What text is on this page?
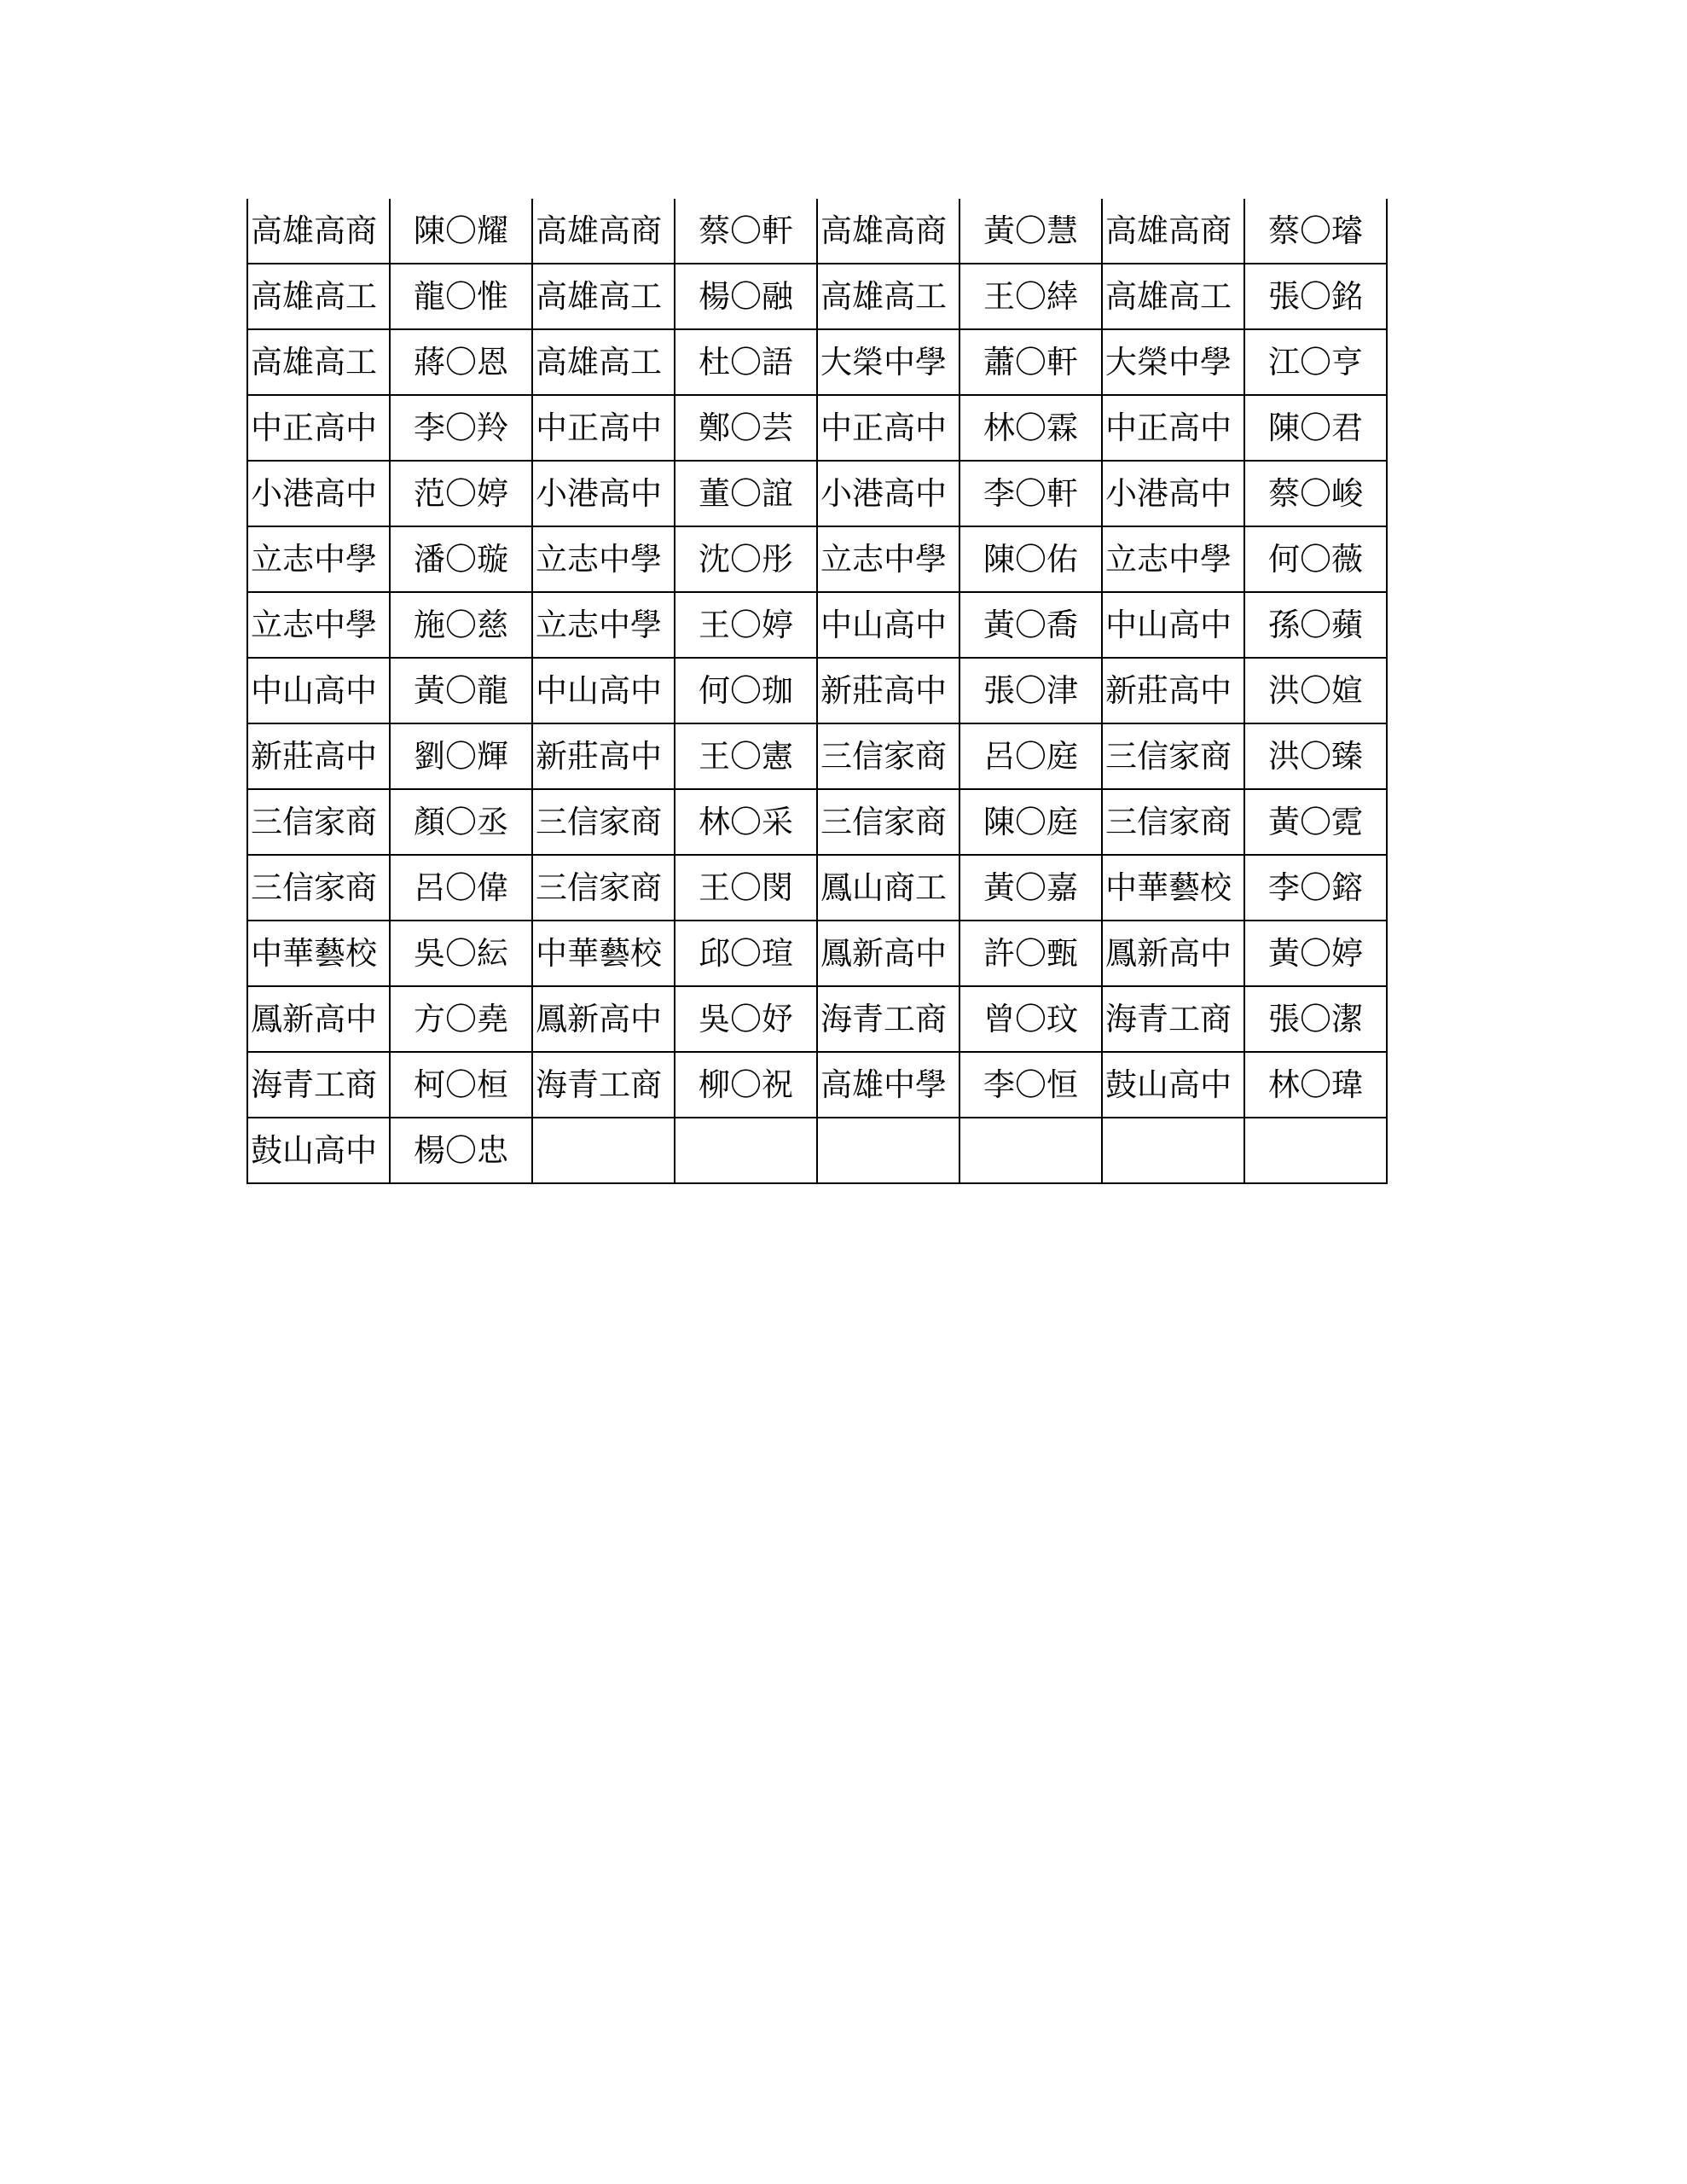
高雄高商	陳〇耀	高雄高商	蔡〇軒	高雄高商	黃〇慧	高雄高商	蔡〇璿
高雄高工	龍〇惟	高雄高工	楊〇融	高雄高工	王〇緈	高雄高工	張〇銘
高雄高工	蔣〇恩	高雄高工	杜〇語	大榮中學	蕭〇軒	大榮中學	江〇亨
中正高中	李〇羚	中正高中	鄭〇芸	中正高中	林〇霖	中正高中	陳〇君
小港高中	范〇婷	小港高中	董〇誼	小港高中	李〇軒	小港高中	蔡〇峻
立志中學	潘〇璇	立志中學	沈〇彤	立志中學	陳〇佑	立志中學	何〇薇
立志中學	施〇慈	立志中學	王〇婷	中山高中	黃〇喬	中山高中	孫〇蘋
中山高中	黃〇龍	中山高中	何〇珈	新莊高中	張〇津	新莊高中	洪〇媗
新莊高中	劉〇輝	新莊高中	王〇憲	三信家商	呂〇庭	三信家商	洪〇臻
三信家商	顏〇丞	三信家商	林〇采	三信家商	陳〇庭	三信家商	黃〇霓
三信家商	呂〇偉	三信家商	王〇閔	鳳山商工	黃〇嘉	中華藝校	李〇鎔
中華藝校	吳〇紜	中華藝校	邱〇瑄	鳳新高中	許〇甄	鳳新高中	黃〇婷
鳳新高中	方〇堯	鳳新高中	吳〇妤	海青工商	曾〇玟	海青工商	張〇潔
海青工商	柯〇桓	海青工商	柳〇祝	高雄中學	李〇恒	鼓山高中	林〇瑋
鼓山高中	楊〇忠						
